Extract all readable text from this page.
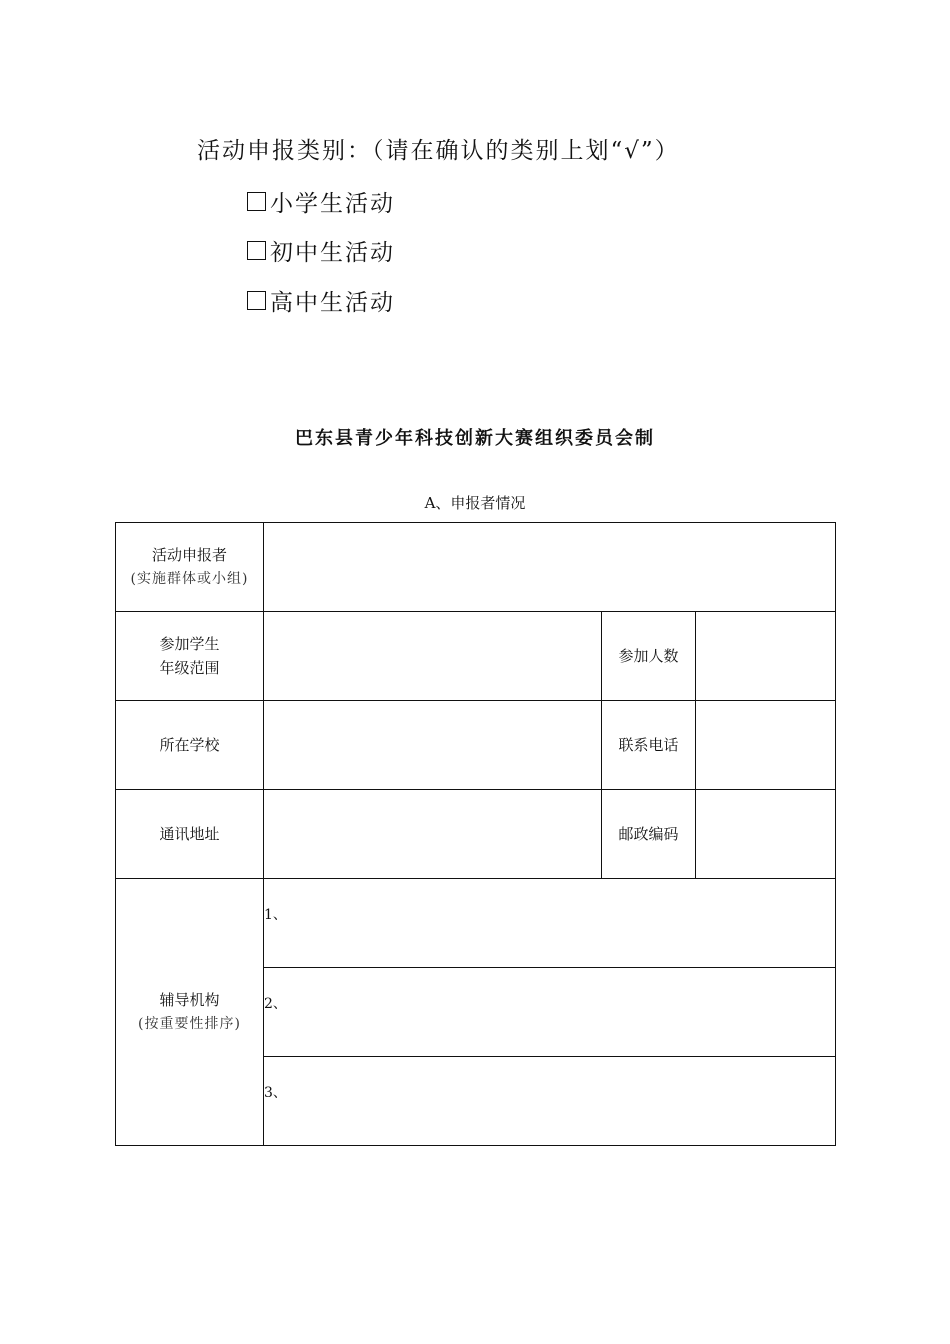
活动申报类别：（请在确认的类别上划“√”）
小学生活动
初中生活动
高中生活动
巴东县青少年科技创新大赛组织委员会制
A、申报者情况
活动申报者
(实施群体或小组)			

参加学生
年级范围		参加人数	
所在学校		联系电话	
通讯地址		邮政编码	

辅导机构
(按重要性排序)	1、		
	2、		
	3、		
